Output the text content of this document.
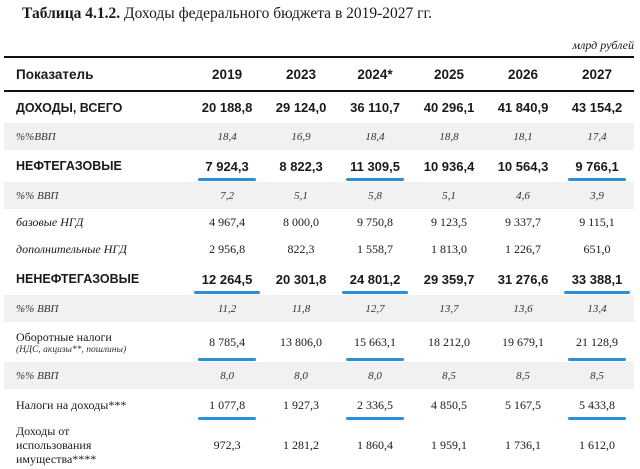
Таблица 4.1.2. Доходы федерального бюджета в 2019-2027 гг.
млрд рублей
Показатель	2019	2023	2024*	2025	2026	2027
ДОХОДЫ, ВСЕГО	20 188,8	29 124,0	36 110,7	40 296,1	41 840,9	43 154,2
%%ВВП	18,4	16,9	18,4	18,8	18,1	17,4
НЕФТЕГАЗОВЫЕ	7 924,3	8 822,3	11 309,5	10 936,4	10 564,3	9 766,1
%% ВВП	7,2	5,1	5,8	5,1	4,6	3,9
базовые НГД	4 967,4	8 000,0	9 750,8	9 123,5	9 337,7	9 115,1
дополнительные НГД	2 956,8	822,3	1 558,7	1 813,0	1 226,7	651,0
НЕНЕФТЕГАЗОВЫЕ	12 264,5	20 301,8	24 801,2	29 359,7	31 276,6	33 388,1
%% ВВП	11,2	11,8	12,7	13,7	13,6	13,4

Оборотные налоги
(НДС, акцизы**, пошлины)	8 785,4	13 806,0	15 663,1	18 212,0	19 679,1	21 128,9
%% ВВП	8,0	8,0	8,0	8,5	8,5	8,5
Налоги на доходы***	1 077,8	1 927,3	2 336,5	4 850,5	5 167,5	5 433,8

Доходы от
использования
имущества****	972,3	1 281,2	1 860,4	1 959,1	1 736,1	1 612,0
